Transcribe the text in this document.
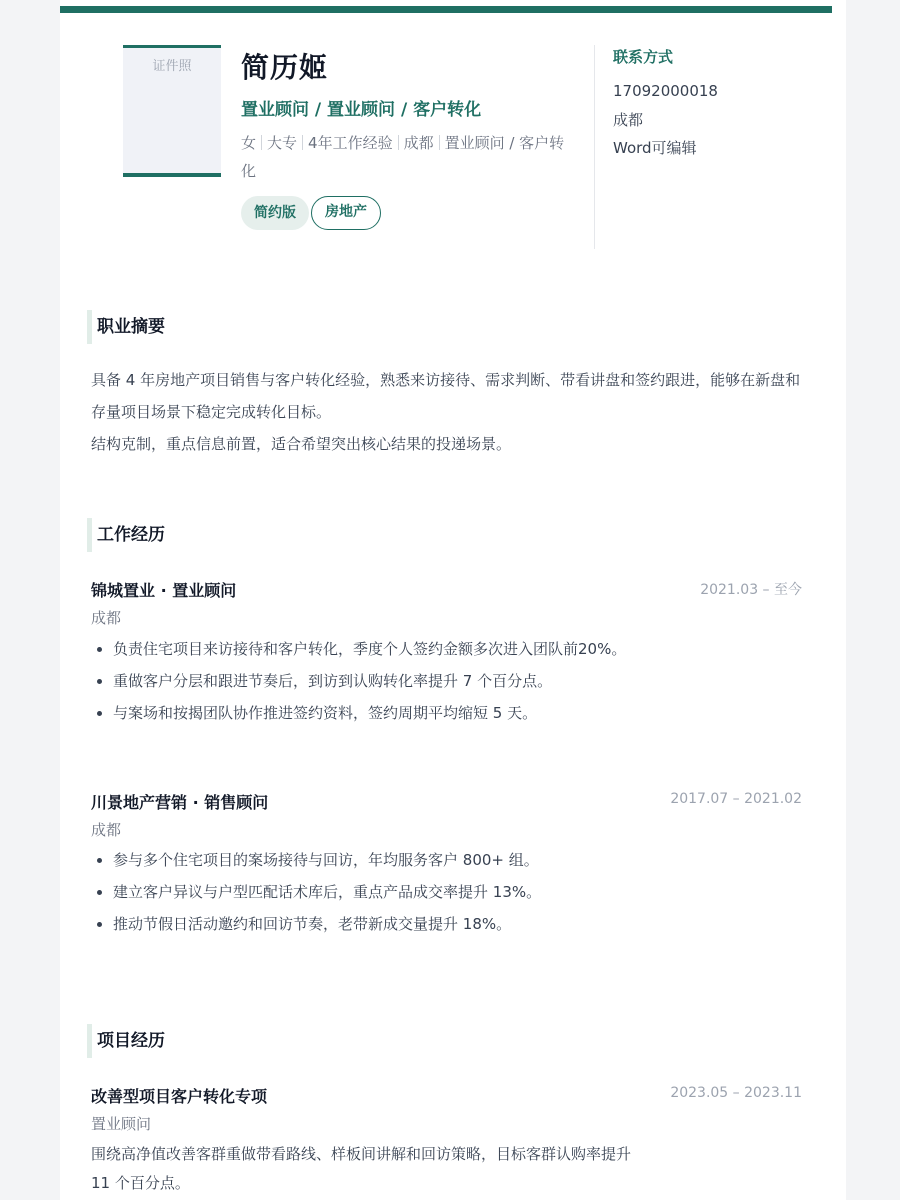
证件照	简历姬
置业顾问 / 置业顾问 / 客户转化
女 大专 4年工作经验 成都 置业顾问 / 客户转化
简约版	房地产
联系方式
17092000018
成都
Word可编辑
职业摘要
具备 4 年房地产项目销售与客户转化经验，熟悉来访接待、需求判断、带看讲盘和签约跟进，能够在新盘和存量项目场景下稳定完成转化目标。
结构克制，重点信息前置，适合希望突出核心结果的投递场景。
工作经历
锦城置业 · 置业顾问	2021.03 – 至今
成都
负责住宅项目来访接待和客户转化，季度个人签约金额多次进入团队前20%。
重做客户分层和跟进节奏后，到访到认购转化率提升 7 个百分点。
与案场和按揭团队协作推进签约资料，签约周期平均缩短 5 天。
川景地产营销 · 销售顾问	2017.07 – 2021.02
成都
参与多个住宅项目的案场接待与回访，年均服务客户 800+ 组。
建立客户异议与户型匹配话术库后，重点产品成交率提升 13%。
推动节假日活动邀约和回访节奏，老带新成交量提升 18%。
项目经历
改善型项目客户转化专项	2023.05 – 2023.11
置业顾问
围绕高净值改善客群重做带看路线、样板间讲解和回访策略，目标客群认购率提升 11 个百分点。
